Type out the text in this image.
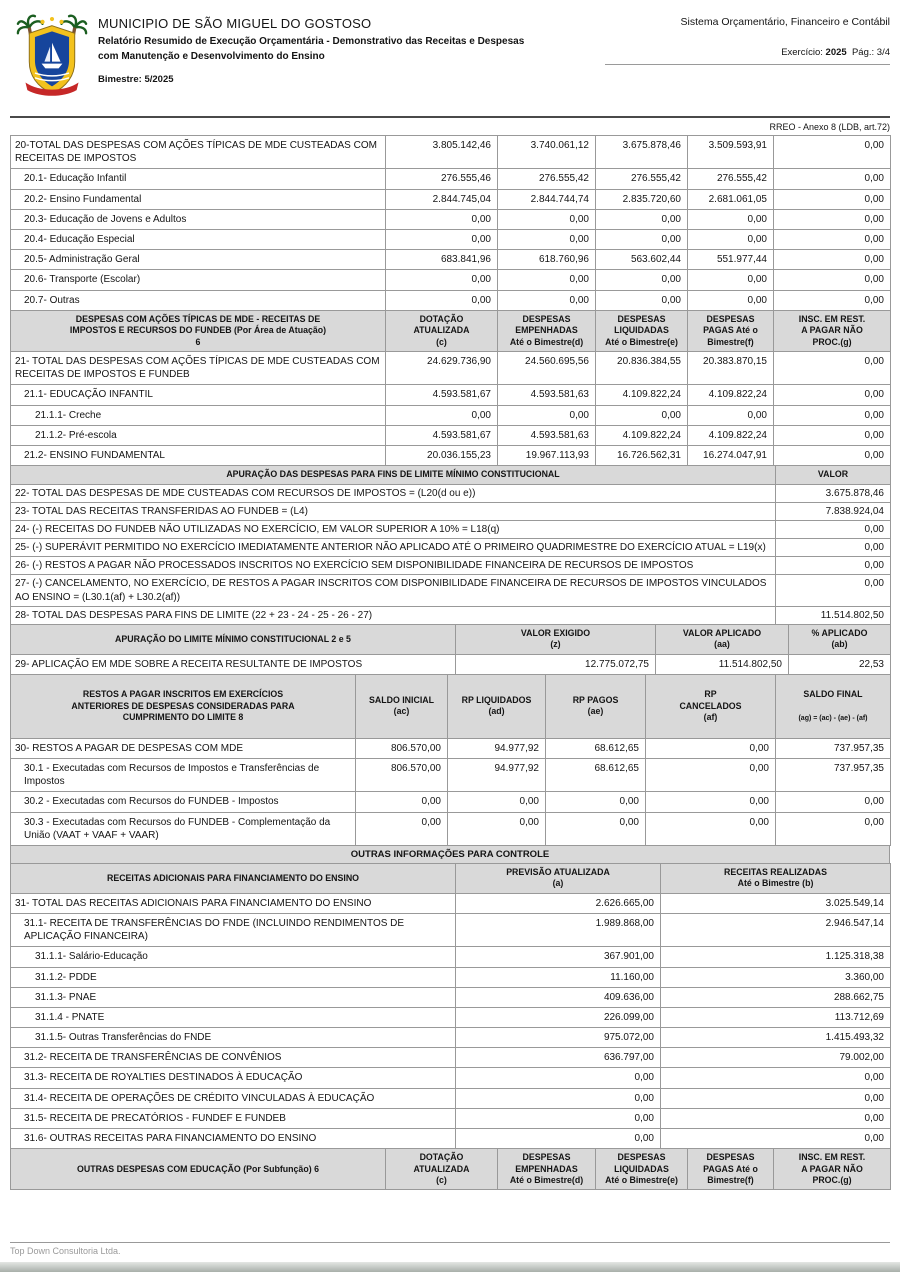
MUNICIPIO DE SÃO MIGUEL DO GOSTOSO
Relatório Resumido de Execução Orçamentária - Demonstrativo das Receitas e Despesas
com Manutenção e Desenvolvimento do Ensino
Bimestre: 5/2025
Sistema Orçamentário, Financeiro e Contábil
Exercício: 2025 Pág.: 3/4
RREO - Anexo 8 (LDB, art.72)
20-TOTAL DAS DESPESAS COM AÇÕES TÍPICAS DE MDE CUSTEADAS COM RECEITAS DE IMPOSTOS	3.805.142,46	3.740.061,12	3.675.878,46	3.509.593,91	0,00
20.1- Educação Infantil	276.555,46	276.555,42	276.555,42	276.555,42	0,00
20.2- Ensino Fundamental	2.844.745,04	2.844.744,74	2.835.720,60	2.681.061,05	0,00
20.3- Educação de Jovens e Adultos	0,00	0,00	0,00	0,00	0,00
20.4- Educação Especial	0,00	0,00	0,00	0,00	0,00
20.5- Administração Geral	683.841,96	618.760,96	563.602,44	551.977,44	0,00
20.6- Transporte (Escolar)	0,00	0,00	0,00	0,00	0,00
20.7- Outras	0,00	0,00	0,00	0,00	0,00
DESPESAS COM AÇÕES TÍPICAS DE MDE - RECEITAS DE
IMPOSTOS E RECURSOS DO FUNDEB (Por Área de Atuação)
6	DOTAÇÃO
ATUALIZADA
(c)	DESPESAS
EMPENHADAS
Até o Bimestre(d)	DESPESAS
LIQUIDADAS
Até o Bimestre(e)	DESPESAS
PAGAS Até o
Bimestre(f)	INSC. EM REST.
A PAGAR NÃO
PROC.(g)
21- TOTAL DAS DESPESAS COM AÇÕES TÍPICAS DE MDE CUSTEADAS COM RECEITAS DE IMPOSTOS E FUNDEB	24.629.736,90	24.560.695,56	20.836.384,55	20.383.870,15	0,00
21.1- EDUCAÇÃO INFANTIL	4.593.581,67	4.593.581,63	4.109.822,24	4.109.822,24	0,00
21.1.1- Creche	0,00	0,00	0,00	0,00	0,00
21.1.2- Pré-escola	4.593.581,67	4.593.581,63	4.109.822,24	4.109.822,24	0,00
21.2- ENSINO FUNDAMENTAL	20.036.155,23	19.967.113,93	16.726.562,31	16.274.047,91	0,00
APURAÇÃO DAS DESPESAS PARA FINS DE LIMITE MÍNIMO CONSTITUCIONAL	VALOR
22- TOTAL DAS DESPESAS DE MDE CUSTEADAS COM RECURSOS DE IMPOSTOS = (L20(d ou e))	3.675.878,46
23- TOTAL DAS RECEITAS TRANSFERIDAS AO FUNDEB = (L4)	7.838.924,04
24- (-) RECEITAS DO FUNDEB NÃO UTILIZADAS NO EXERCÍCIO, EM VALOR SUPERIOR A 10% = L18(q)	0,00
25- (-) SUPERÁVIT PERMITIDO NO EXERCÍCIO IMEDIATAMENTE ANTERIOR NÃO APLICADO ATÉ O PRIMEIRO QUADRIMESTRE DO EXERCÍCIO ATUAL = L19(x)	0,00
26- (-) RESTOS A PAGAR NÃO PROCESSADOS INSCRITOS NO EXERCÍCIO SEM DISPONIBILIDADE FINANCEIRA DE RECURSOS DE IMPOSTOS	0,00
27- (-) CANCELAMENTO, NO EXERCÍCIO, DE RESTOS A PAGAR INSCRITOS COM DISPONIBILIDADE FINANCEIRA DE RECURSOS DE IMPOSTOS VINCULADOS AO ENSINO = (L30.1(af) + L30.2(af))	0,00
28- TOTAL DAS DESPESAS PARA FINS DE LIMITE (22 + 23 - 24 - 25 - 26 - 27)	11.514.802,50
APURAÇÃO DO LIMITE MÍNIMO CONSTITUCIONAL 2 e 5	VALOR EXIGIDO
(z)	VALOR APLICADO
(aa)	% APLICADO
(ab)
29- APLICAÇÃO EM MDE SOBRE A RECEITA RESULTANTE DE IMPOSTOS	12.775.072,75	11.514.802,50	22,53
RESTOS A PAGAR INSCRITOS EM EXERCÍCIOS
ANTERIORES DE DESPESAS CONSIDERADAS PARA
CUMPRIMENTO DO LIMITE 8	SALDO INICIAL
(ac)	RP LIQUIDADOS
(ad)	RP PAGOS
(ae)	RP
CANCELADOS
(af)	SALDO FINAL

(ag) = (ac) - (ae) - (af)

30- RESTOS A PAGAR DE DESPESAS COM MDE	806.570,00	94.977,92	68.612,65	0,00	737.957,35
30.1 - Executadas com Recursos de Impostos e Transferências de Impostos	806.570,00	94.977,92	68.612,65	0,00	737.957,35
30.2 - Executadas com Recursos do FUNDEB - Impostos	0,00	0,00	0,00	0,00	0,00
30.3 - Executadas com Recursos do FUNDEB - Complementação da União (VAAT + VAAF + VAAR)	0,00	0,00	0,00	0,00	0,00
OUTRAS INFORMAÇÕES PARA CONTROLE
RECEITAS ADICIONAIS PARA FINANCIAMENTO DO ENSINO	PREVISÃO ATUALIZADA
(a)	RECEITAS REALIZADAS
Até o Bimestre (b)
31- TOTAL DAS RECEITAS ADICIONAIS PARA FINANCIAMENTO DO ENSINO	2.626.665,00	3.025.549,14
31.1- RECEITA DE TRANSFERÊNCIAS DO FNDE (INCLUINDO RENDIMENTOS DE APLICAÇÃO FINANCEIRA)	1.989.868,00	2.946.547,14
31.1.1- Salário-Educação	367.901,00	1.125.318,38
31.1.2- PDDE	11.160,00	3.360,00
31.1.3- PNAE	409.636,00	288.662,75
31.1.4 - PNATE	226.099,00	113.712,69
31.1.5- Outras Transferências do FNDE	975.072,00	1.415.493,32
31.2- RECEITA DE TRANSFERÊNCIAS DE CONVÊNIOS	636.797,00	79.002,00
31.3- RECEITA DE ROYALTIES DESTINADOS À EDUCAÇÃO	0,00	0,00
31.4- RECEITA DE OPERAÇÕES DE CRÉDITO VINCULADAS À EDUCAÇÃO	0,00	0,00
31.5- RECEITA DE PRECATÓRIOS - FUNDEF E FUNDEB	0,00	0,00
31.6- OUTRAS RECEITAS PARA FINANCIAMENTO DO ENSINO	0,00	0,00
OUTRAS DESPESAS COM EDUCAÇÃO (Por Subfunção) 6	DOTAÇÃO
ATUALIZADA
(c)	DESPESAS
EMPENHADAS
Até o Bimestre(d)	DESPESAS
LIQUIDADAS
Até o Bimestre(e)	DESPESAS
PAGAS Até o
Bimestre(f)	INSC. EM REST.
A PAGAR NÃO
PROC.(g)
Top Down Consultoria Ltda.
